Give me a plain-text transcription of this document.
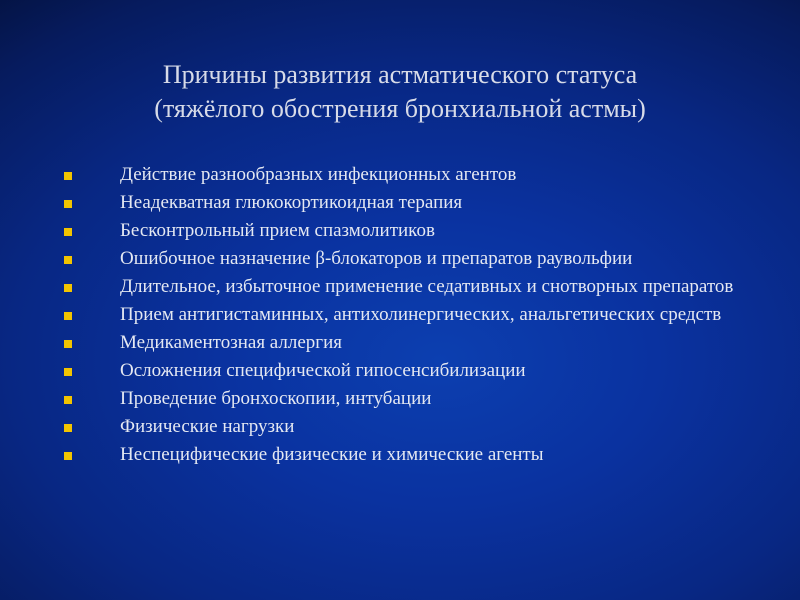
Причины развития астматического статуса
(тяжёлого обострения бронхиальной астмы)
Действие разнообразных инфекционных агентов
Неадекватная глюкокортикоидная терапия
Бесконтрольный прием спазмолитиков
Ошибочное назначение β-блокаторов и препаратов раувольфии
Длительное, избыточное применение седативных и снотворных препаратов
Прием антигистаминных, антихолинергических, анальгетических средств
Медикаментозная аллергия
Осложнения специфической гипосенсибилизации
Проведение бронхоскопии, интубации
Физические нагрузки
Неспецифические физические и химические агенты
